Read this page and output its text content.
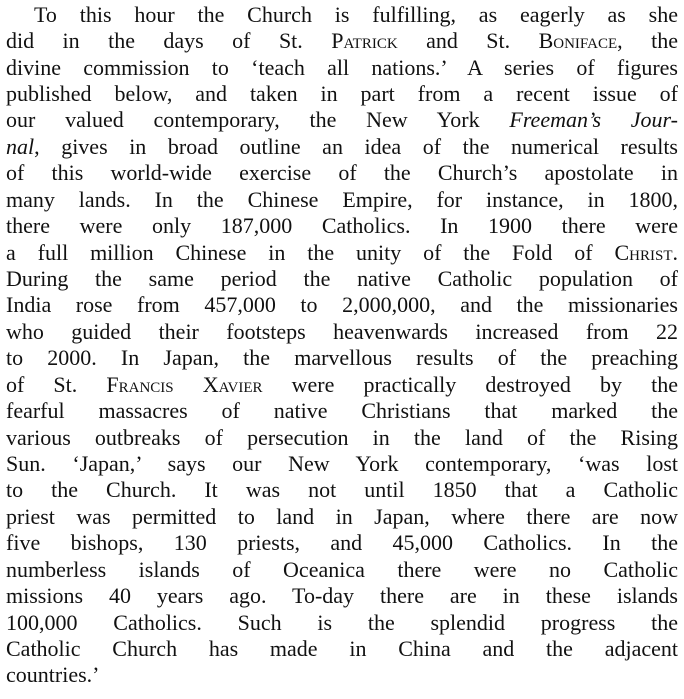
To this hour the Church is fulfilling, as eagerly as she
did in the days of St. Patrick and St. Boniface, the
divine commission to ‘teach all nations.’ A series of figures
published below, and taken in part from a recent issue of
our valued contemporary, the New York Freeman’s Jour-
nal, gives in broad outline an idea of the numerical results
of this world-wide exercise of the Church’s apostolate in
many lands. In the Chinese Empire, for instance, in 1800,
there were only 187,000 Catholics. In 1900 there were
a full million Chinese in the unity of the Fold of Christ.
During the same period the native Catholic population of
India rose from 457,000 to 2,000,000, and the missionaries
who guided their footsteps heavenwards increased from 22
to 2000. In Japan, the marvellous results of the preaching
of St. Francis Xavier were practically destroyed by the
fearful massacres of native Christians that marked the
various outbreaks of persecution in the land of the Rising
Sun. ‘Japan,’ says our New York contemporary, ‘was lost
to the Church. It was not until 1850 that a Catholic
priest was permitted to land in Japan, where there are now
five bishops, 130 priests, and 45,000 Catholics. In the
numberless islands of Oceanica there were no Catholic
missions 40 years ago. To-day there are in these islands
100,000 Catholics. Such is the splendid progress the
Catholic Church has made in China and the adjacent
countries.’
